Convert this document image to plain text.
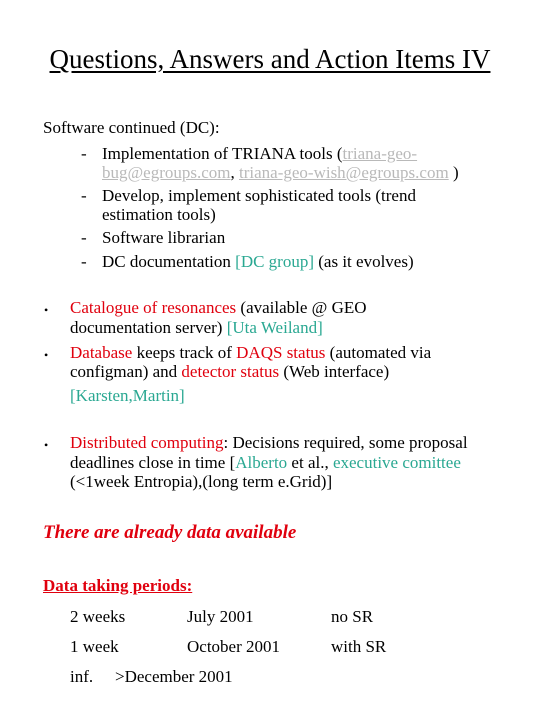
Questions, Answers and Action Items IV
Software continued (DC):
- Implementation of TRIANA tools (triana-geo-
bug@egroups.com, triana-geo-wish@egroups.com )
- Develop, implement sophisticated tools (trend
estimation tools)
- Software librarian
- DC documentation [DC group] (as it evolves)
• Catalogue of resonances (available @ GEO
documentation server) [Uta Weiland]
• Database keeps track of DAQS status (automated via
configman) and detector status (Web interface)
[Karsten,Martin]
• Distributed computing: Decisions required, some proposal
deadlines close in time [Alberto et al., executive comittee
(<1week Entropia),(long term e.Grid)]
There are already data available
Data taking periods:
2 weeks	July 2001	no SR
1 week	October 2001	with SR
inf. >December 2001
